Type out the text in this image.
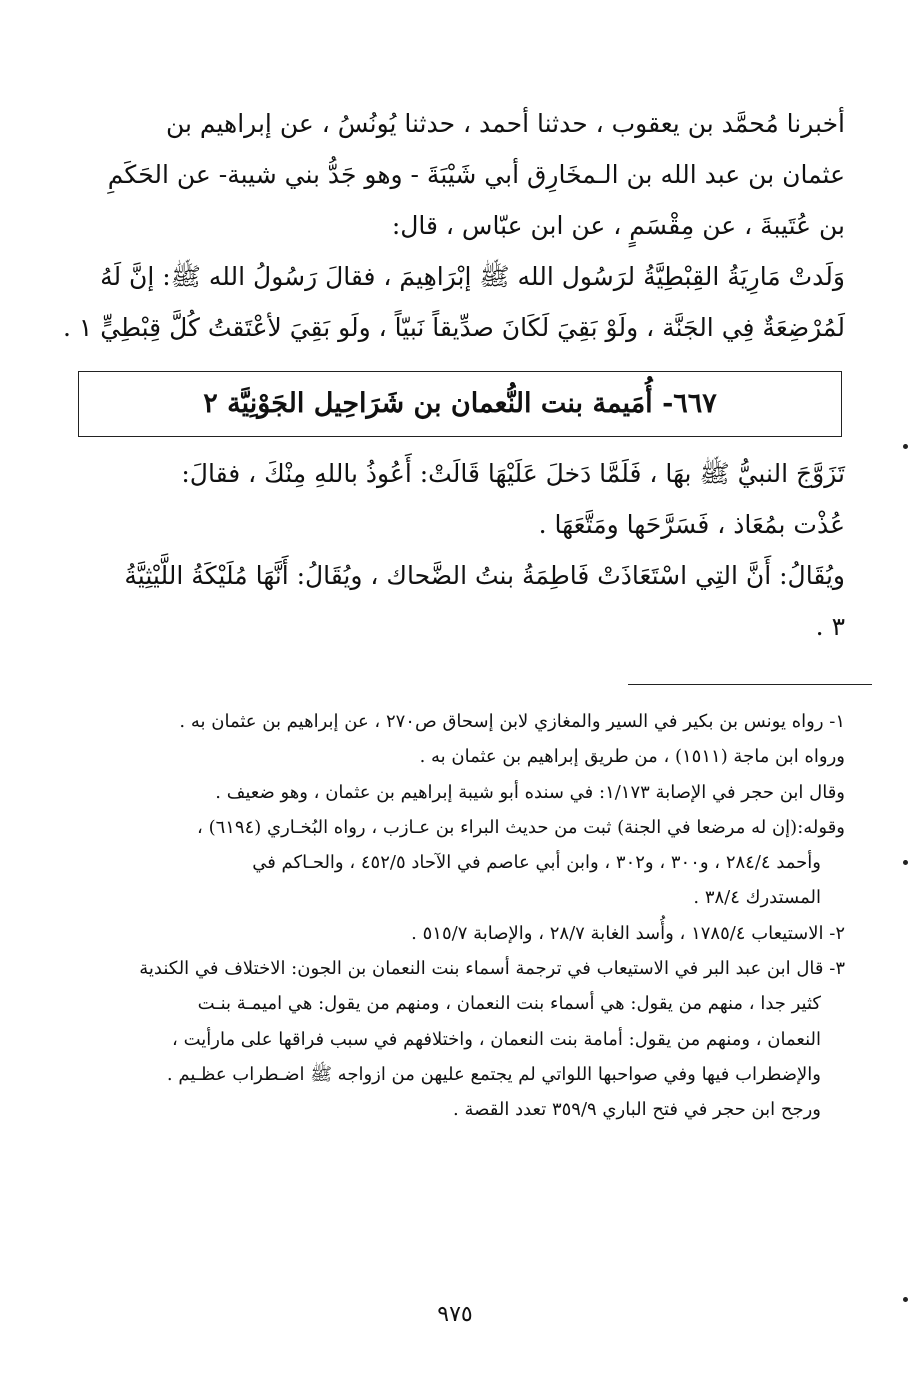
أخبرنا مُحمَّد بن يعقوب ، حدثنا أحمد ، حدثنا يُونُسُ ، عن إبراهيم بن
عثمان بن عبد الله بن الـمخَارِق أبي شَيْبَةَ - وهو جَدُّ بني شيبة- عن الحَكَمِ
بن عُتَيبةَ ، عن مِقْسَمٍ ، عن ابن عبّاس ، قال:
وَلَدتْ مَارِيَةُ القِبْطِيَّةُ لرَسُول الله ﷺ إبْرَاهِيمَ ، فقالَ رَسُولُ الله ﷺ: إنَّ لَهُ
لَمُرْضِعَةٌ فِي الجَنَّة ، ولَوْ بَقِيَ لَكَانَ صدِّيقاً نَبيّاً ، ولَو بَقِيَ لأعْتَقتُ كُلَّ قِبْطِيٍّ ١ .
٦٦٧- أُمَيمة بنت النُّعمان بن شَرَاحِيل الجَوْنِيَّة ٢
تَزَوَّجَ النبيُّ ﷺ بهَا ، فَلَمَّا دَخلَ عَلَيْهَا قَالَتْ: أَعُوذُ باللهِ مِنْكَ ، فقالَ:
عُذْت بمُعَاذ ، فَسَرَّحَها ومَتَّعَهَا .
ويُقَالُ: أَنَّ التِي اسْتَعَاذَتْ فَاطِمَةُ بنتُ الضَّحاك ، ويُقَالُ: أَنَّهَا مُلَيْكَةُ اللَّيْثِيَّةُ
٣ .
١- رواه يونس بن بكير في السير والمغازي لابن إسحاق ص٢٧٠ ، عن إبراهيم بن عثمان به .
ورواه ابن ماجة (١٥١١) ، من طريق إبراهيم بن عثمان به .
وقال ابن حجر في الإصابة ١/١٧٣: في سنده أبو شيبة إبراهيم بن عثمان ، وهو ضعيف .
وقوله:(إن له مرضعا في الجنة) ثبت من حديث البراء بن عـازب ، رواه البُخـاري (٦١٩٤) ،
وأحمد ٢٨٤/٤ ، و٣٠٠ ، و٣٠٢ ، وابن أبي عاصم في الآحاد ٤٥٢/٥ ، والحـاكم في
المستدرك ٣٨/٤ .
٢- الاستيعاب ١٧٨٥/٤ ، وأُسد الغابة ٢٨/٧ ، والإصابة ٥١٥/٧ .
٣- قال ابن عبد البر في الاستيعاب في ترجمة أسماء بنت النعمان بن الجون: الاختلاف في الكندية
كثير جدا ، منهم من يقول: هي أسماء بنت النعمان ، ومنهم من يقول: هي اميمـة بنـت
النعمان ، ومنهم من يقول: أمامة بنت النعمان ، واختلافهم في سبب فراقها على مارأيت ،
والإضطراب فيها وفي صواحبها اللواتي لم يجتمع عليهن من ازواجه ﷺ اضـطراب عظـيم .
ورجح ابن حجر في فتح الباري ٣٥٩/٩ تعدد القصة .
٩٧٥
